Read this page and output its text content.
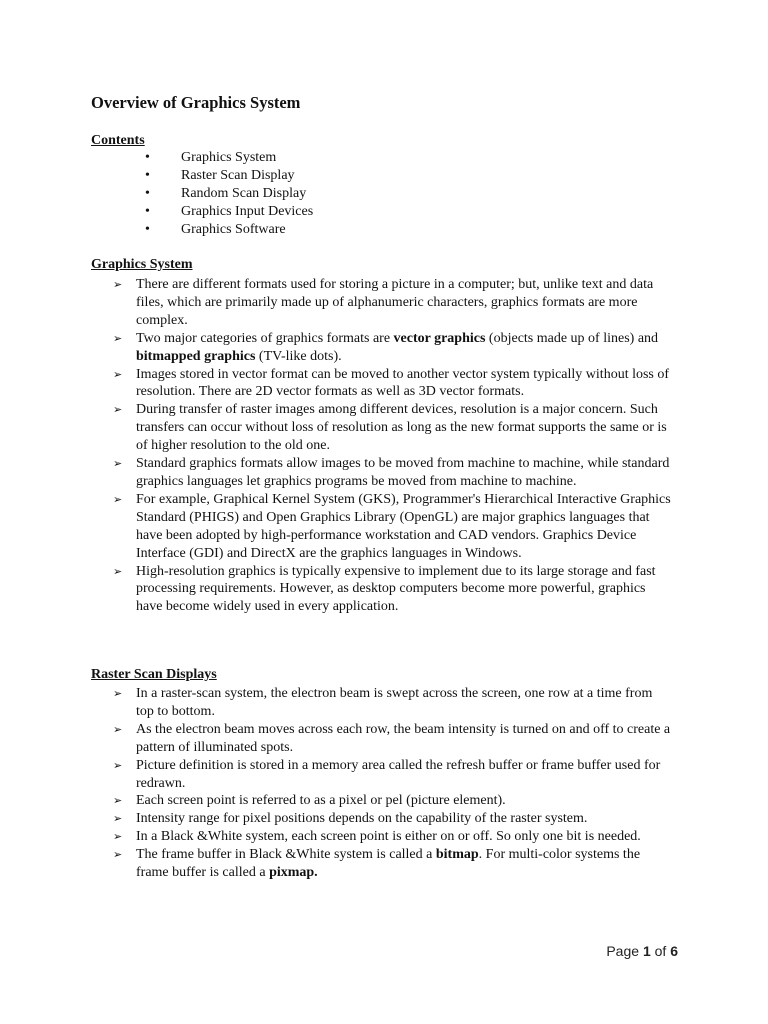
Overview of Graphics System
Contents
• Graphics System
• Raster Scan Display
• Random Scan Display
• Graphics Input Devices
• Graphics Software
Graphics System
➢ There are different formats used for storing a picture in a computer; but, unlike text and data files, which are primarily made up of alphanumeric characters, graphics formats are more complex.
➢ Two major categories of graphics formats are vector graphics (objects made up of lines) and bitmapped graphics (TV-like dots).
➢ Images stored in vector format can be moved to another vector system typically without loss of resolution. There are 2D vector formats as well as 3D vector formats.
➢ During transfer of raster images among different devices, resolution is a major concern. Such transfers can occur without loss of resolution as long as the new format supports the same or is of higher resolution to the old one.
➢ Standard graphics formats allow images to be moved from machine to machine, while standard graphics languages let graphics programs be moved from machine to machine.
➢ For example, Graphical Kernel System (GKS), Programmer's Hierarchical Interactive Graphics Standard (PHIGS) and Open Graphics Library (OpenGL) are major graphics languages that have been adopted by high-performance workstation and CAD vendors. Graphics Device Interface (GDI) and DirectX are the graphics languages in Windows.
➢ High-resolution graphics is typically expensive to implement due to its large storage and fast processing requirements. However, as desktop computers become more powerful, graphics have become widely used in every application.
Raster Scan Displays
➢ In a raster-scan system, the electron beam is swept across the screen, one row at a time from top to bottom.
➢ As the electron beam moves across each row, the beam intensity is turned on and off to create a pattern of illuminated spots.
➢ Picture definition is stored in a memory area called the refresh buffer or frame buffer used for redrawn.
➢ Each screen point is referred to as a pixel or pel (picture element).
➢ Intensity range for pixel positions depends on the capability of the raster system.
➢ In a Black &White system, each screen point is either on or off. So only one bit is needed.
➢ The frame buffer in Black &White system is called a bitmap. For multi-color systems the frame buffer is called a pixmap.
Page 1 of 6
